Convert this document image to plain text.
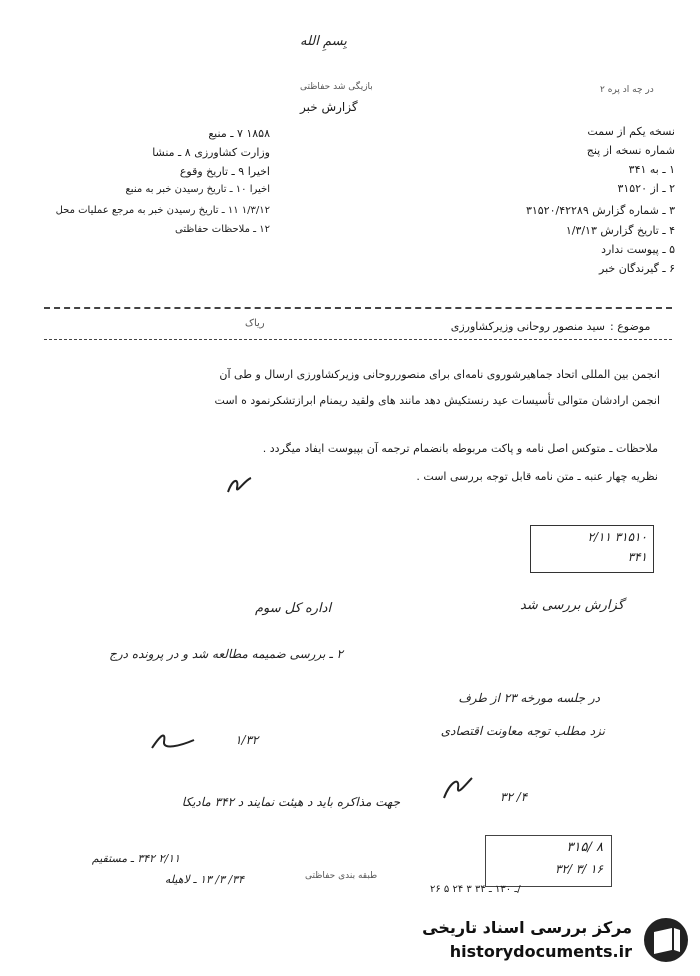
بِسمِ الله
بازیگی شد حفاظتی
گزارش خبر
در چه اد پره ۲
۱۸۵۸ ۷ ـ منبع
وزارت کشاورزی ۸ ـ منشا
اخیرا ۹ ـ تاریخ وقوع
اخیرا ۱۰ ـ تاریخ رسیدن خبر به منبع
۱/۳/۱۲ ۱۱ ـ تاریخ رسیدن خبر به مرجع عملیات محل
۱۲ ـ ملاحظات حفاظتی
نسخه یکم از سمت
شماره نسخه از پنج
۱ ـ به ۳۴۱
۲ ـ از ۳۱۵۲۰
۳ ـ شماره گزارش ۳۱۵۲۰/۴۲۲۸۹
۴ ـ تاریخ گزارش ۱/۳/۱۳
۵ ـ پیوست ندارد
۶ ـ گیرندگان خبر
موضوع :
سید منصور روحانی وزیرکشاورزی
ریاک
انجمن بین المللی اتحاد جماهیرشوروی نامه‌ای برای منصورروحانی وزیرکشاورزی ارسال و طی آن
انجمن ارادشان متوالی تأسیسات عید رنستکیش دهد مانند های ولقید ریمنام ابرازتشکرنمود ه است
ملاحظات ـ متوکس اصل نامه و پاکت مربوطه بانضمام ترجمه آن بپیوست ایفاد میگردد .
نظریه چهار عنبه ـ متن نامه قابل توجه بررسی است .
۳۱۵۱۰ ۲/۱۱
۳۴۱
گزارش بررسی شد
اداره کل سوم
۲ ـ بررسی ضمیمه مطالعه شد و در پرونده درج
۱/۳۲
در جلسه مورخه ۲۳ از طرف
نزد مطلب توجه معاونت اقتصادی
۳۲ /۴
جهت مذاکره باید د هیئت نمایند د ۳۴۲ مادیکا
۲/۱۱ ۳۴۲ ـ مستقیم
۳۴/ ۳/ ۱۳ ـ لاهیله	طبقه بندی حفاظتی
۳۱۵/ ۸
۳۲/ ۳/ ۱۶
۲۶ ـ ۱۳۰ ـ ۳۴ ۳ ۲۴ ۵/
مرکز بررسی اسناد تاریخی
historydocuments.ir
